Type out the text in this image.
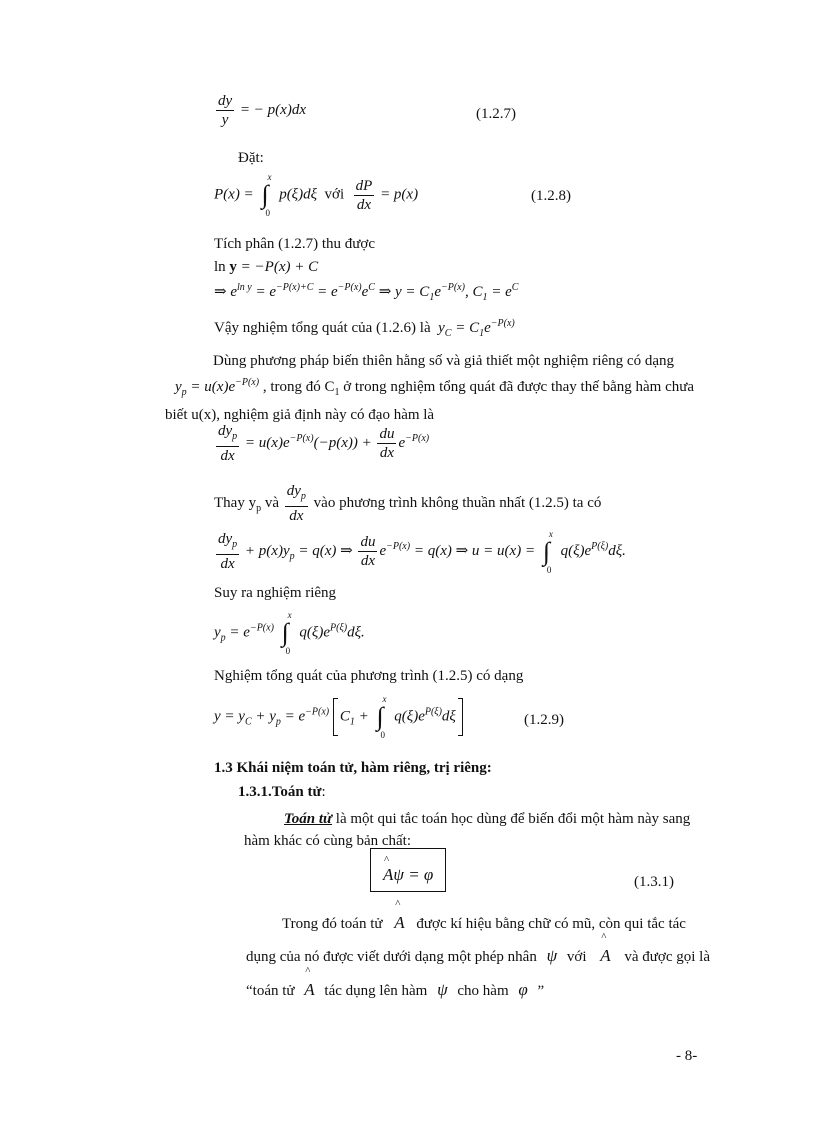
$\frac{dy}{y}$ = − p(x)dx	(1.2.7)
Đặt:
P(x) =
x
∫
0
p(ξ)dξ  với $\frac{dP}{dx} = p(x)$	(1.2.8)
Tích phân (1.2.7) thu được
ln y = −P(x) + C
⇒ $e^{ln y} = e^{-P(x)+C} = e^{-P(x)}e^C$ ⇒ $y = C_1e^{-P(x)}$, $C_1 = e^C$
Vậy nghiệm tổng quát của (1.2.6) là $y_C = C_1e^{-P(x)}$

Dùng phương pháp biến thiên hằng số và giả thiết một nghiệm riêng có dạng

$y_p = u(x)e^{-P(x)}$ , trong đó $C_1$ ở trong nghiệm tổng quát đã được thay thế bằng hàm chưa

biết u(x), nghiệm giả định này có đạo hàm là

$\frac{dy_p}{dx} = u(x)e^{-P(x)}(-p(x)) + \frac{du}{dx} e^{-P(x)}$
Thay $y_p$ và $\frac{dy_p}{dx}$ vào phương trình không thuần nhất (1.2.5) ta có
$\frac{dy_p}{dx} + p(x)y_p = q(x)$ ⇒ $\frac{du}{dx} e^{-P(x)} = q(x)$ ⇒ u = u(x) =
x
∫
0
$q(\xi)e^{P(\xi)}d\xi$.
Suy ra nghiệm riêng
$y_p = e^{-P(x)}$
x
∫
0
$q(\xi)e^{P(\xi)}d\xi$.
Nghiệm tổng quát của phương trình (1.2.5) có dạng
$y = y_C + y_p = e^{-P(x)}$
$C_1$ +
x
∫
0
$q(\xi)e^{P(\xi)}d\xi$	(1.2.9)
1.3 Khái niệm toán tử, hàm riêng, trị riêng:
1.3.1.Toán tử:

Toán tử là một qui tắc toán học dùng để biến đổi một hàm này sang

hàm khác có cùng bản chất:

^ Aψ = φ	(1.3.1)
Trong đó toán tử ^ A được kí hiệu bằng chữ có mũ, còn qui tắc tác
dụng của nó được viết dưới dạng một phép nhân ψ với ^ A và được gọi là
“toán tử ^ A tác dụng lên hàm ψ cho hàm φ ”
- 8-
